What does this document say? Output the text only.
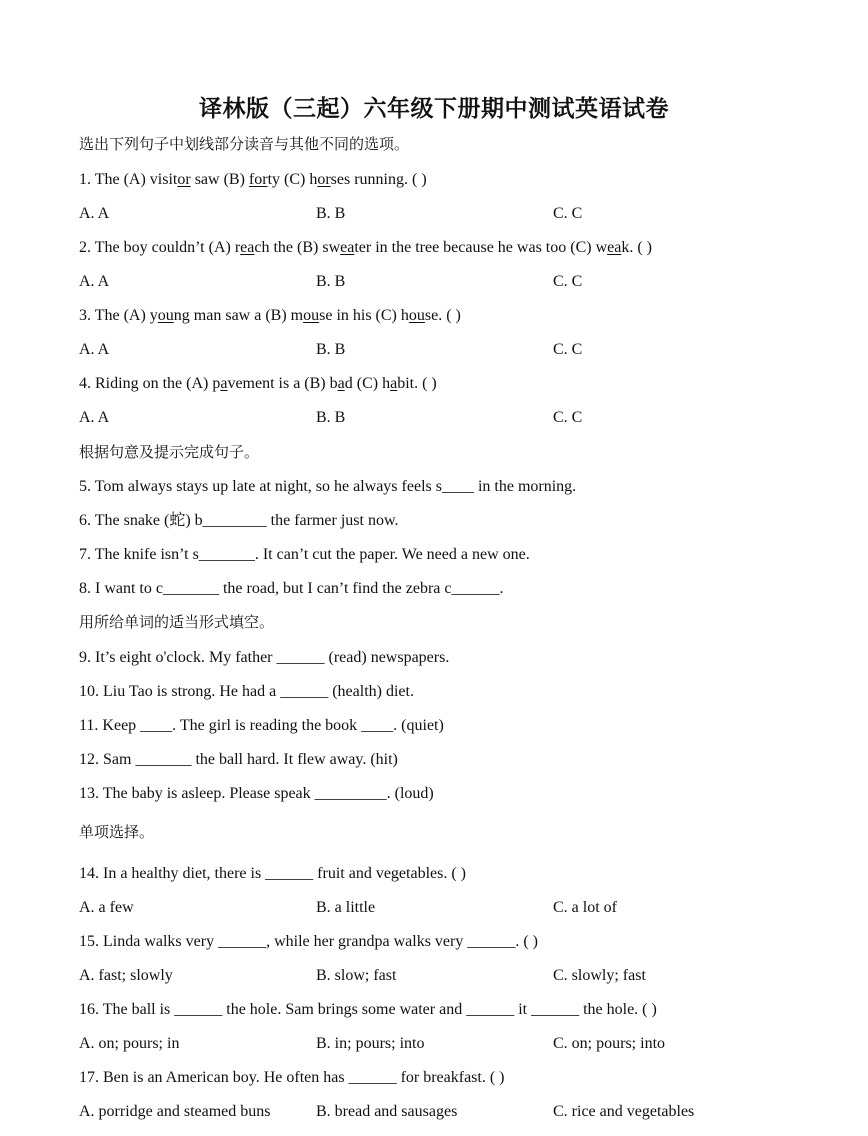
译林版（三起）六年级下册期中测试英语试卷
选出下列句子中划线部分读音与其他不同的选项。
1. The (A) visitor saw (B) forty (C) horses running. ( )
A. A	B. B	C. C
2. The boy couldn’t (A) reach the (B) sweater in the tree because he was too (C) weak. ( )
A. A	B. B	C. C
3. The (A) young man saw a (B) mouse in his (C) house. ( )
A. A	B. B	C. C
4. Riding on the (A) pavement is a (B) bad (C) habit. ( )
A. A	B. B	C. C
根据句意及提示完成句子。
5. Tom always stays up late at night, so he always feels s____ in the morning.
6. The snake (蛇) b________ the farmer just now.
7. The knife isn’t s_______. It can’t cut the paper. We need a new one.
8. I want to c_______ the road, but I can’t find the zebra c______.
用所给单词的适当形式填空。
9. It’s eight o'clock. My father ______ (read) newspapers.
10. Liu Tao is strong. He had a ______ (health) diet.
11. Keep ____. The girl is reading the book ____. (quiet)
12. Sam _______ the ball hard. It flew away. (hit)
13. The baby is asleep. Please speak _________. (loud)
单项选择。
14. In a healthy diet, there is ______ fruit and vegetables. ( )
A. a few	B. a little	C. a lot of
15. Linda walks very ______, while her grandpa walks very ______. ( )
A. fast; slowly	B. slow; fast	C. slowly; fast
16. The ball is ______ the hole. Sam brings some water and ______ it ______ the hole. ( )
A. on; pours; in	B. in; pours; into	C. on; pours; into
17. Ben is an American boy. He often has ______ for breakfast. ( )
A. porridge and steamed buns	B. bread and sausages	C. rice and vegetables
